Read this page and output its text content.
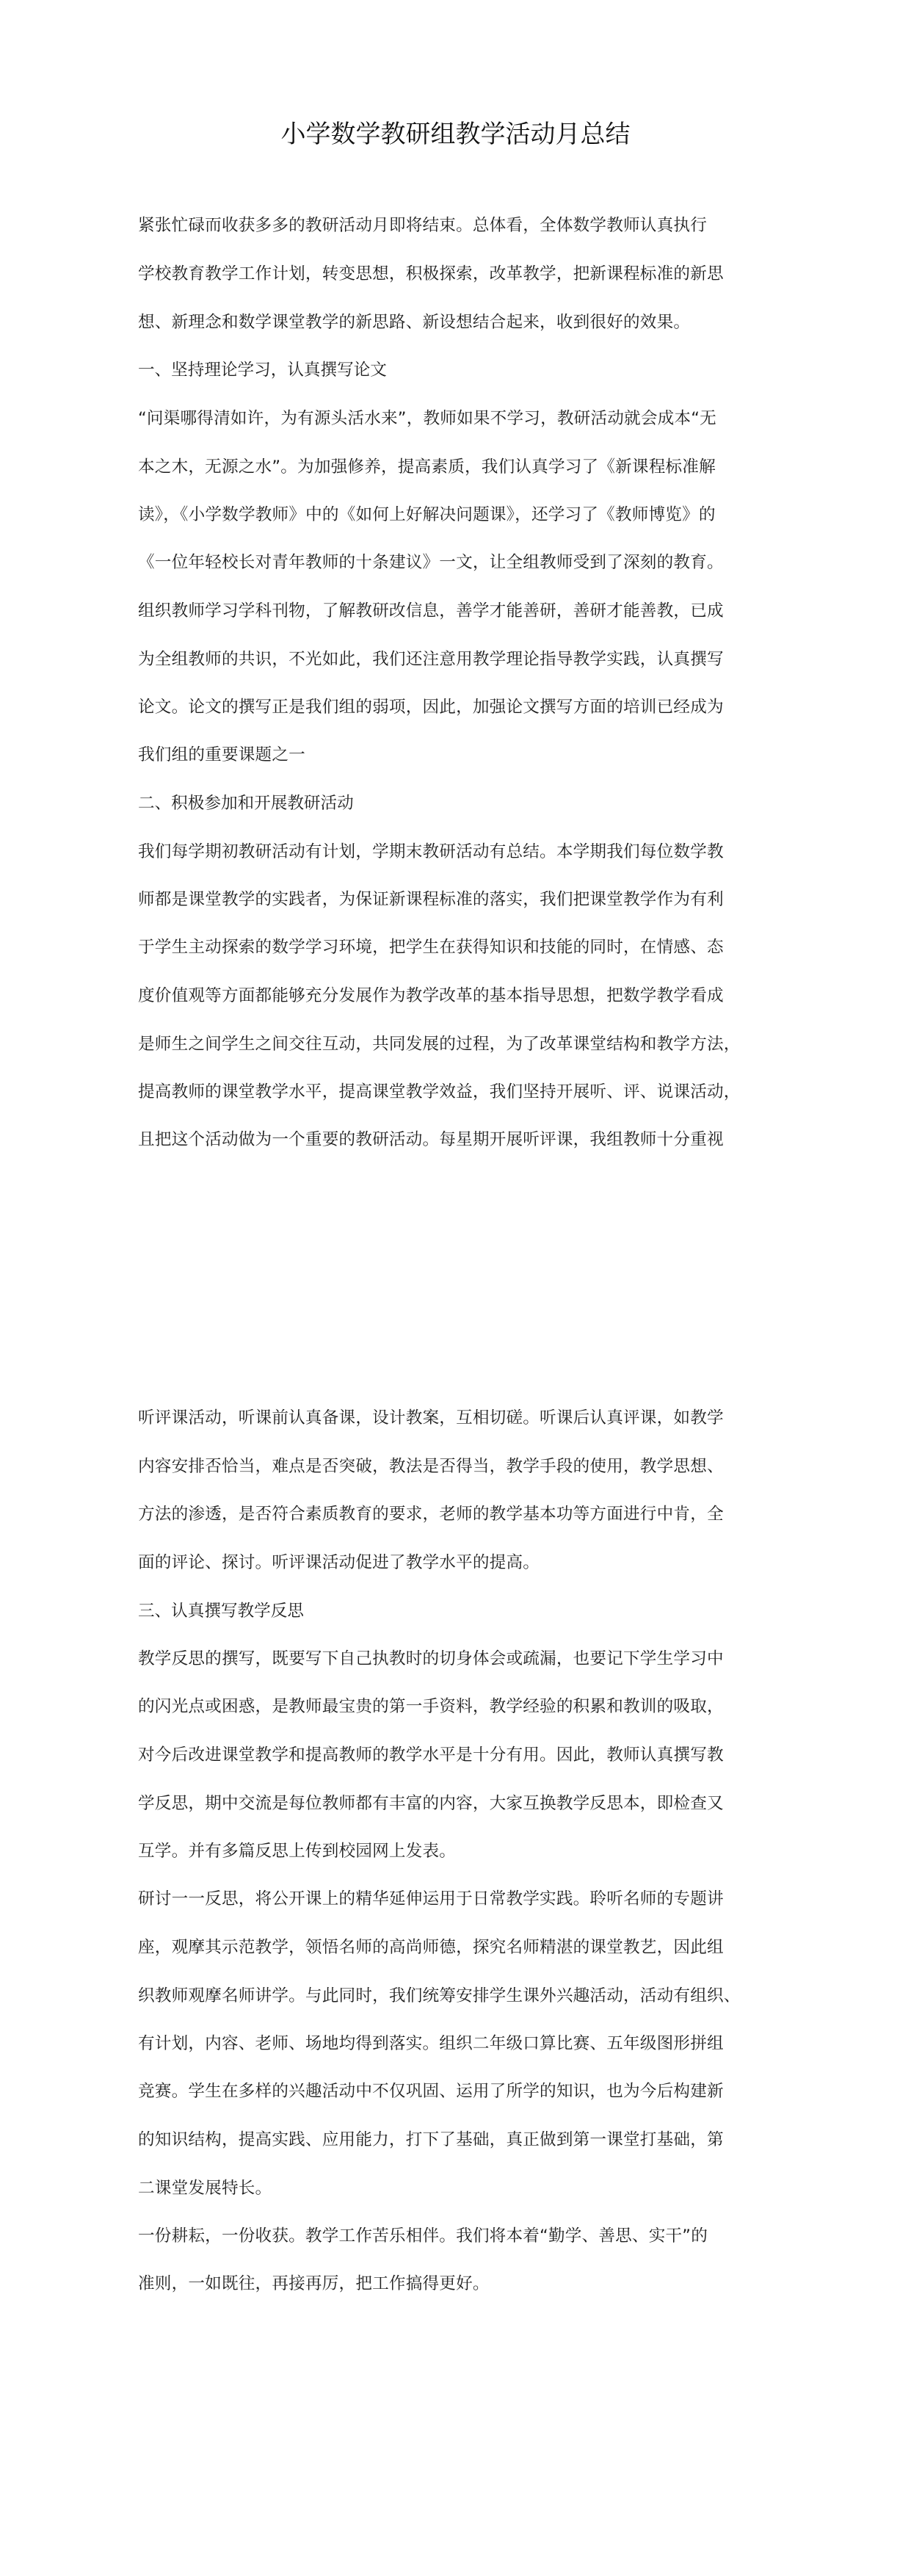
小学数学教研组教学活动月总结
紧张忙碌而收获多多的教研活动月即将结束。总体看，全体数学教师认真执行
学校教育教学工作计划，转变思想，积极探索，改革教学，把新课程标准的新思
想、新理念和数学课堂教学的新思路、新设想结合起来，收到很好的效果。
一、坚持理论学习，认真撰写论文
“问渠哪得清如许，为有源头活水来”，教师如果不学习，教研活动就会成本“无
本之木，无源之水”。为加强修养，提高素质，我们认真学习了《新课程标准解
读》，《小学数学教师》中的《如何上好解决问题课》，还学习了《教师博览》的
《一位年轻校长对青年教师的十条建议》一文，让全组教师受到了深刻的教育。
组织教师学习学科刊物，了解教研改信息，善学才能善研，善研才能善教，已成
为全组教师的共识，不光如此，我们还注意用教学理论指导教学实践，认真撰写
论文。论文的撰写正是我们组的弱项，因此，加强论文撰写方面的培训已经成为
我们组的重要课题之一
二、积极参加和开展教研活动
我们每学期初教研活动有计划，学期末教研活动有总结。本学期我们每位数学教
师都是课堂教学的实践者，为保证新课程标准的落实，我们把课堂教学作为有利
于学生主动探索的数学学习环境，把学生在获得知识和技能的同时，在情感、态
度价值观等方面都能够充分发展作为教学改革的基本指导思想，把数学教学看成
是师生之间学生之间交往互动，共同发展的过程，为了改革课堂结构和教学方法，
提高教师的课堂教学水平，提高课堂教学效益，我们坚持开展听、评、说课活动，
且把这个活动做为一个重要的教研活动。每星期开展听评课，我组教师十分重视
听评课活动，听课前认真备课，设计教案，互相切磋。听课后认真评课，如教学
内容安排否恰当，难点是否突破，教法是否得当，教学手段的使用，教学思想、
方法的渗透，是否符合素质教育的要求，老师的教学基本功等方面进行中肯，全
面的评论、探讨。听评课活动促进了教学水平的提高。
三、认真撰写教学反思
教学反思的撰写，既要写下自己执教时的切身体会或疏漏，也要记下学生学习中
的闪光点或困惑，是教师最宝贵的第一手资料，教学经验的积累和教训的吸取，
对今后改进课堂教学和提高教师的教学水平是十分有用。因此，教师认真撰写教
学反思，期中交流是每位教师都有丰富的内容，大家互换教学反思本，即检查又
互学。并有多篇反思上传到校园网上发表。
研讨一一反思，将公开课上的精华延伸运用于日常教学实践。聆听名师的专题讲
座，观摩其示范教学，领悟名师的高尚师德，探究名师精湛的课堂教艺，因此组
织教师观摩名师讲学。与此同时，我们统筹安排学生课外兴趣活动，活动有组织、
有计划，内容、老师、场地均得到落实。组织二年级口算比赛、五年级图形拼组
竞赛。学生在多样的兴趣活动中不仅巩固、运用了所学的知识，也为今后构建新
的知识结构，提高实践、应用能力，打下了基础，真正做到第一课堂打基础，第
二课堂发展特长。
一份耕耘，一份收获。教学工作苦乐相伴。我们将本着“勤学、善思、实干”的
准则，一如既往，再接再厉，把工作搞得更好。
